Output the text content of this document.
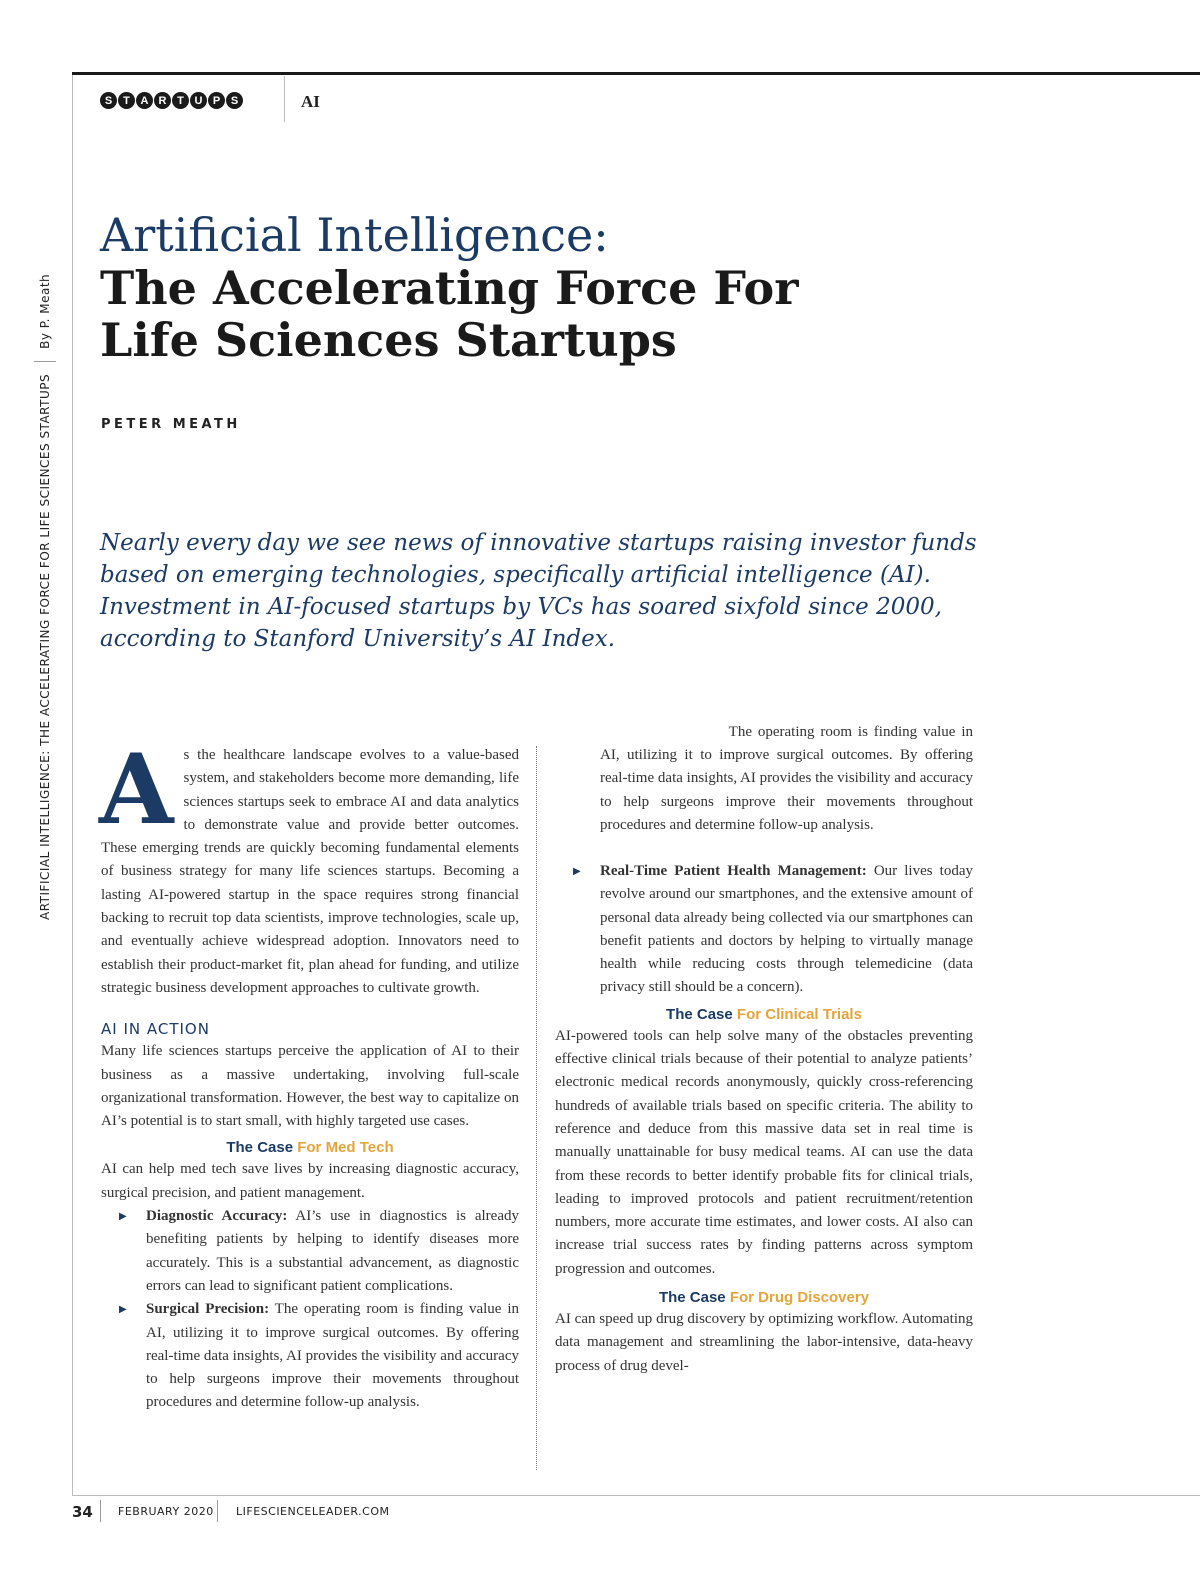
S T A R T U P S	AI
ARTIFICIAL INTELLIGENCE: THE ACCELERATING FORCE FOR LIFE SCIENCES STARTUPS
By P. Meath
Artificial Intelligence:
The Accelerating Force For
Life Sciences Startups
PETER MEATH
Nearly every day we see news of innovative startups raising investor funds based on emerging technologies, specifically artificial intelligence (AI). Investment in AI-focused startups by VCs has soared sixfold since 2000, according to Stanford University’s AI Index.

As the healthcare landscape evolves to a value-based system, and stakeholders become more demanding, life sciences startups seek to embrace AI and data analytics to demonstrate value and provide better outcomes. These emerging trends are quickly becoming fundamental elements of business strategy for many life sciences startups. Becoming a lasting AI-powered startup in the space requires strong financial backing to recruit top data scientists, improve technologies, scale up, and eventually achieve widespread adoption. Innovators need to establish their product-market fit, plan ahead for funding, and utilize strategic business development approaches to cultivate growth.

AI IN ACTION

Many life sciences startups perceive the application of AI to their business as a massive undertaking, involving full-scale organizational transformation. However, the best way to capitalize on AI’s potential is to start small, with highly targeted use cases.

The Case For Med Tech

AI can help med tech save lives by increasing diagnostic accuracy, surgical precision, and patient management.

▶ Diagnostic Accuracy: AI’s use in diagnostics is already benefiting patients by helping to identify diseases more accurately. This is a substantial advancement, as diagnostic errors can lead to significant patient complications.

▶ Surgical Precision: The operating room is finding value in AI, utilizing it to improve surgical outcomes. By offering real-time data insights, AI provides the visibility and accuracy to help surgeons improve their movements throughout procedures and determine follow-up analysis.

The operating room is finding value in AI, utilizing it to improve surgical outcomes. By offering real-time data insights, AI provides the visibility and accuracy to help surgeons improve their movements throughout procedures and determine follow-up analysis.

▶ Real-Time Patient Health Management: Our lives today revolve around our smartphones, and the extensive amount of personal data already being collected via our smartphones can benefit patients and doctors by helping to virtually manage health while reducing costs through telemedicine (data privacy still should be a concern).

The Case For Clinical Trials

AI-powered tools can help solve many of the obstacles preventing effective clinical trials because of their potential to analyze patients’ electronic medical records anonymously, quickly cross-referencing hundreds of available trials based on specific criteria. The ability to reference and deduce from this massive data set in real time is manually unattainable for busy medical teams. AI can use the data from these records to better identify probable fits for clinical trials, leading to improved protocols and patient recruitment/retention numbers, more accurate time estimates, and lower costs. AI also can increase trial success rates by finding patterns across symptom progression and outcomes.

The Case For Drug Discovery

AI can speed up drug discovery by optimizing workflow. Automating data management and streamlining the labor-intensive, data-heavy process of drug devel-

34 FEBRUARY 2020 LIFESCIENCELEADER.COM
